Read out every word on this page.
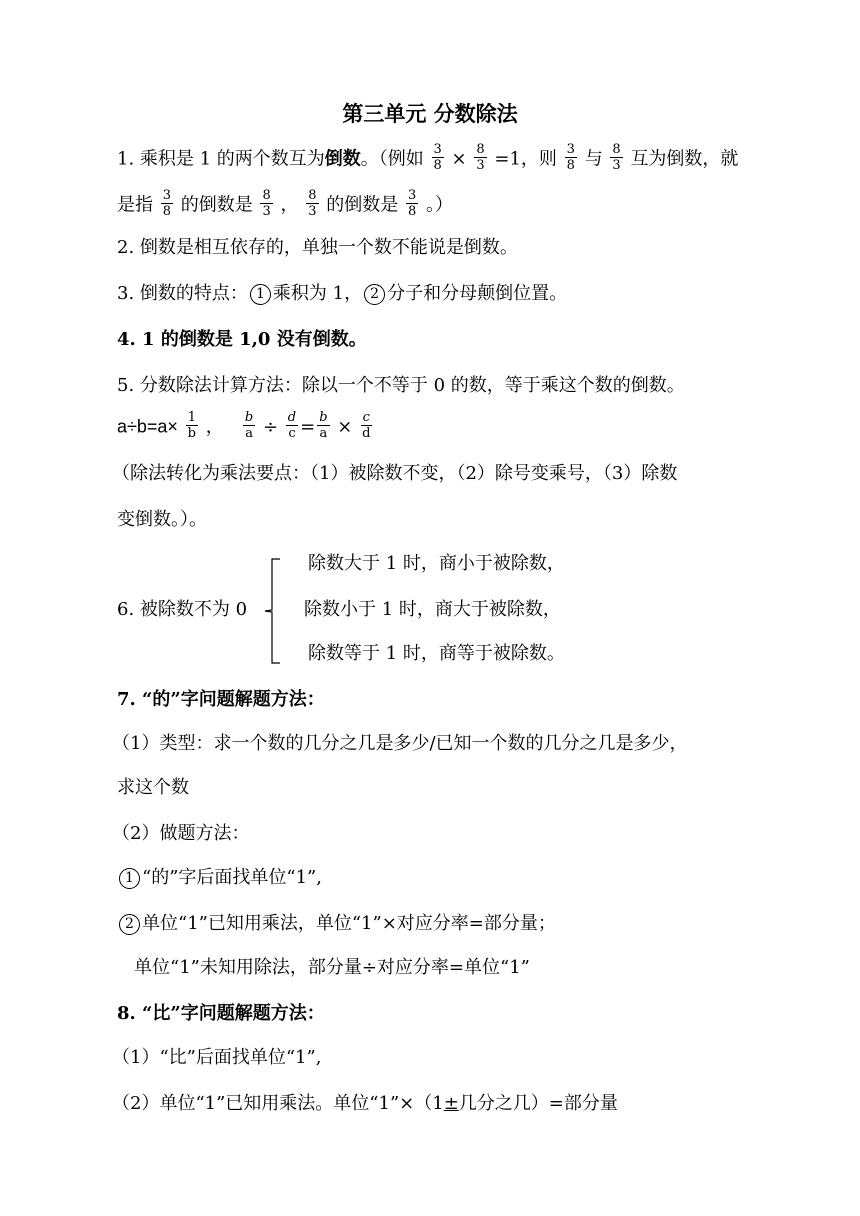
第三单元 分数除法
1. 乘积是 1 的两个数互为倒数。（例如 $\frac{3}{8} \times \frac{8}{3} =1$，则 $\frac{3}{8}$ 与 $\frac{8}{3}$ 互为倒数，就
是指 $\frac{3}{8}$ 的倒数是 $\frac{8}{3}$ ， $\frac{8}{3}$ 的倒数是 $\frac{3}{8}$ 。）
2. 倒数是相互依存的，单独一个数不能说是倒数。
3. 倒数的特点： 1 乘积为 1， 2 分子和分母颠倒位置。
4. 1 的倒数是 1,0 没有倒数。
5. 分数除法计算方法：除以一个不等于 0 的数，等于乘这个数的倒数。
$a\div b=a\times \frac{1}{b}$ ， $\frac{b}{a} \div \frac{d}{c} = \frac{b}{a} \times \frac{c}{d}$
（除法转化为乘法要点：（1）被除数不变，（2）除号变乘号，（3）除数
变倒数。）。
6. 被除数不为 0
除数大于 1 时，商小于被除数，
除数小于 1 时，商大于被除数，
除数等于 1 时，商等于被除数。
7. “的”字问题解题方法：
（1）类型：求一个数的几分之几是多少/已知一个数的几分之几是多少，
求这个数
（2）做题方法：
1 “的”字后面找单位“1”,
2 单位“1”已知用乘法，单位“1”×对应分率=部分量；
单位“1”未知用除法，部分量÷对应分率=单位“1”
8. “比”字问题解题方法：
（1）“比”后面找单位“1”,
（2）单位“1”已知用乘法。单位“1”×（1±几分之几）=部分量
